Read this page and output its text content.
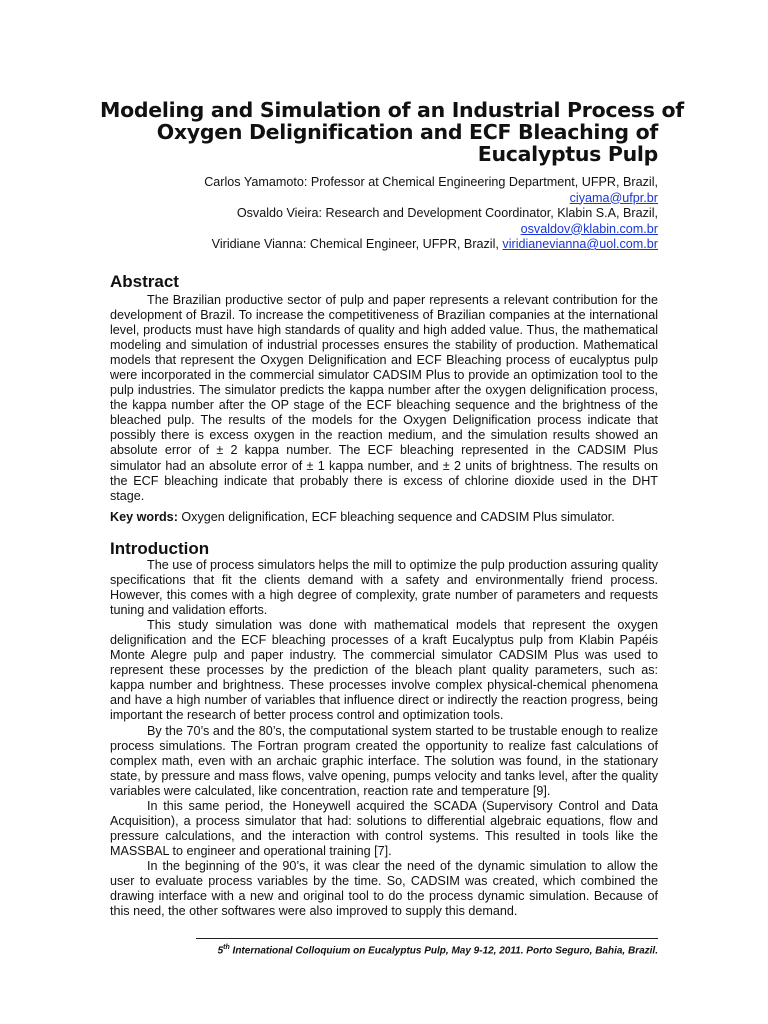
Modeling and Simulation of an Industrial Process of
Oxygen Delignification and ECF Bleaching of
Eucalyptus Pulp
Carlos Yamamoto: Professor at Chemical Engineering Department, UFPR, Brazil,
ciyama@ufpr.br
Osvaldo Vieira: Research and Development Coordinator, Klabin S.A, Brazil,
osvaldov@klabin.com.br
Viridiane Vianna: Chemical Engineer, UFPR, Brazil, viridianevianna@uol.com.br
Abstract

The Brazilian productive sector of pulp and paper represents a relevant contribution for the development of Brazil. To increase the competitiveness of Brazilian companies at the international level, products must have high standards of quality and high added value. Thus, the mathematical modeling and simulation of industrial processes ensures the stability of production. Mathematical models that represent the Oxygen Delignification and ECF Bleaching process of eucalyptus pulp were incorporated in the commercial simulator CADSIM Plus to provide an optimization tool to the pulp industries. The simulator predicts the kappa number after the oxygen delignification process, the kappa number after the OP stage of the ECF bleaching sequence and the brightness of the bleached pulp. The results of the models for the Oxygen Delignification process indicate that possibly there is excess oxygen in the reaction medium, and the simulation results showed an absolute error of ± 2 kappa number. The ECF bleaching represented in the CADSIM Plus simulator had an absolute error of ± 1 kappa number, and ± 2 units of brightness. The results on the ECF bleaching indicate that probably there is excess of chlorine dioxide used in the DHT stage.

Key words: Oxygen delignification, ECF bleaching sequence and CADSIM Plus simulator.
Introduction

The use of process simulators helps the mill to optimize the pulp production assuring quality specifications that fit the clients demand with a safety and environmentally friend process. However, this comes with a high degree of complexity, grate number of parameters and requests tuning and validation efforts.

This study simulation was done with mathematical models that represent the oxygen delignification and the ECF bleaching processes of a kraft Eucalyptus pulp from Klabin Papéis Monte Alegre pulp and paper industry. The commercial simulator CADSIM Plus was used to represent these processes by the prediction of the bleach plant quality parameters, such as: kappa number and brightness. These processes involve complex physical-chemical phenomena and have a high number of variables that influence direct or indirectly the reaction progress, being important the research of better process control and optimization tools.

By the 70’s and the 80’s, the computational system started to be trustable enough to realize process simulations. The Fortran program created the opportunity to realize fast calculations of complex math, even with an archaic graphic interface. The solution was found, in the stationary state, by pressure and mass flows, valve opening, pumps velocity and tanks level, after the quality variables were calculated, like concentration, reaction rate and temperature [9].

In this same period, the Honeywell acquired the SCADA (Supervisory Control and Data Acquisition), a process simulator that had: solutions to differential algebraic equations, flow and pressure calculations, and the interaction with control systems. This resulted in tools like the MASSBAL to engineer and operational training [7].

In the beginning of the 90’s, it was clear the need of the dynamic simulation to allow the user to evaluate process variables by the time. So, CADSIM was created, which combined the drawing interface with a new and original tool to do the process dynamic simulation. Because of this need, the other softwares were also improved to supply this demand.

5th International Colloquium on Eucalyptus Pulp, May 9-12, 2011. Porto Seguro, Bahia, Brazil.
